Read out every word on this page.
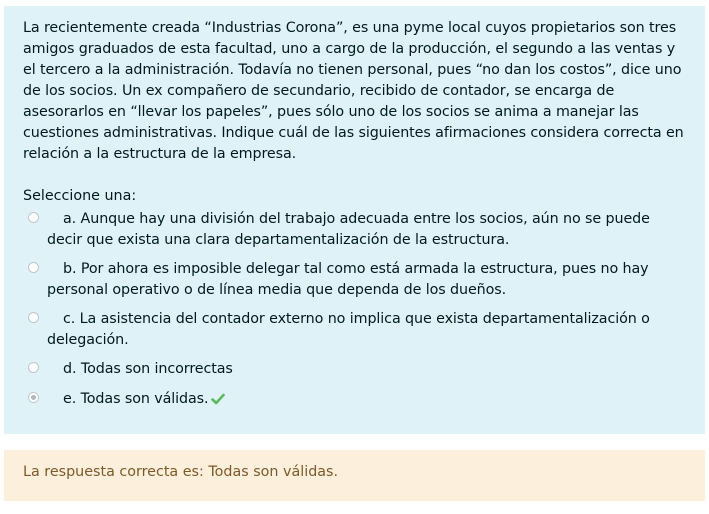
La recientemente creada “Industrias Corona”, es una pyme local cuyos propietarios son tres amigos graduados de esta facultad, uno a cargo de la producción, el segundo a las ventas y el tercero a la administración. Todavía no tienen personal, pues “no dan los costos”, dice uno de los socios. Un ex compañero de secundario, recibido de contador, se encarga de asesorarlos en “llevar los papeles”, pues sólo uno de los socios se anima a manejar las cuestiones administrativas. Indique cuál de las siguientes afirmaciones considera correcta en relación a la estructura de la empresa.

Seleccione una:
a. Aunque hay una división del trabajo adecuada entre los socios, aún no se puede decir que exista una clara departamentalización de la estructura.
b. Por ahora es imposible delegar tal como está armada la estructura, pues no hay personal operativo o de línea media que dependa de los dueños.
c. La asistencia del contador externo no implica que exista departamentalización o delegación.
d. Todas son incorrectas
e. Todas son válidas.
La respuesta correcta es: Todas son válidas.
